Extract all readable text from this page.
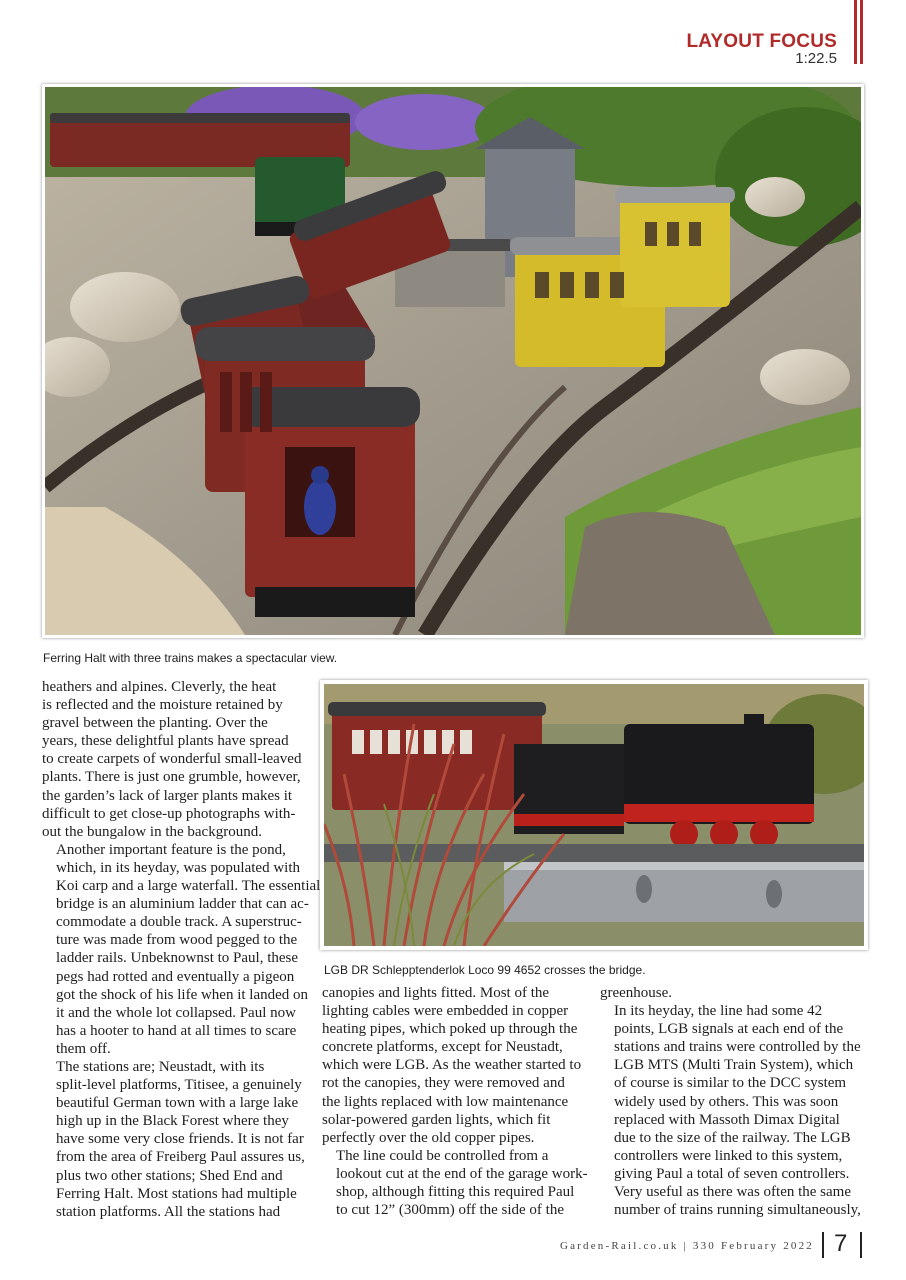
LAYOUT FOCUS
1:22.5
Ferring Halt with three trains makes a spectacular view.
LGB DR Schlepptenderlok Loco 99 4652 crosses the bridge.

heathers and alpines. Cleverly, the heat
is reflected and the moisture retained by
gravel between the planting. Over the
years, these delightful plants have spread
to create carpets of wonderful small-leaved
plants. There is just one grumble, however,
the garden’s lack of larger plants makes it
difficult to get close-up photographs with-
out the bungalow in the background.

Another important feature is the pond,
which, in its heyday, was populated with
Koi carp and a large waterfall. The essential
bridge is an aluminium ladder that can ac-
commodate a double track. A superstruc-
ture was made from wood pegged to the
ladder rails. Unbeknownst to Paul, these
pegs had rotted and eventually a pigeon
got the shock of his life when it landed on
it and the whole lot collapsed. Paul now
has a hooter to hand at all times to scare
them off.

The stations are; Neustadt, with its
split-level platforms, Titisee, a genuinely
beautiful German town with a large lake
high up in the Black Forest where they
have some very close friends. It is not far
from the area of Freiberg Paul assures us,
plus two other stations; Shed End and
Ferring Halt. Most stations had multiple
station platforms. All the stations had

canopies and lights fitted. Most of the
lighting cables were embedded in copper
heating pipes, which poked up through the
concrete platforms, except for Neustadt,
which were LGB. As the weather started to
rot the canopies, they were removed and
the lights replaced with low maintenance
solar-powered garden lights, which fit
perfectly over the old copper pipes.

The line could be controlled from a
lookout cut at the end of the garage work-
shop, although fitting this required Paul
to cut 12” (300mm) off the side of the

greenhouse.

In its heyday, the line had some 42
points, LGB signals at each end of the
stations and trains were controlled by the
LGB MTS (Multi Train System), which
of course is similar to the DCC system
widely used by others. This was soon
replaced with Massoth Dimax Digital
due to the size of the railway. The LGB
controllers were linked to this system,
giving Paul a total of seven controllers.
Very useful as there was often the same
number of trains running simultaneously,

Garden-Rail.co.uk | 330 February 2022 7
